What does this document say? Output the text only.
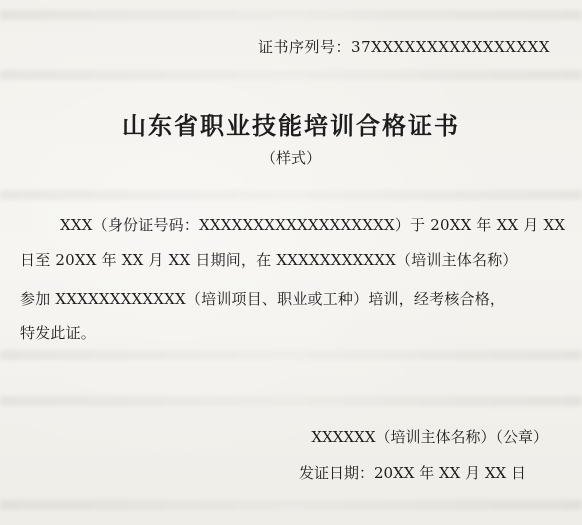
证书序列号：37XXXXXXXXXXXXXXXX
山东省职业技能培训合格证书
（样式）
XXX（身份证号码：XXXXXXXXXXXXXXXXXX）于 20XX 年 XX 月 XX
日至 20XX 年 XX 月 XX 日期间，在 XXXXXXXXXXX（培训主体名称）
参加 XXXXXXXXXXXX（培训项目、职业或工种）培训，经考核合格，
特发此证。
XXXXXX（培训主体名称）（公章）
发证日期：20XX 年 XX 月 XX 日
